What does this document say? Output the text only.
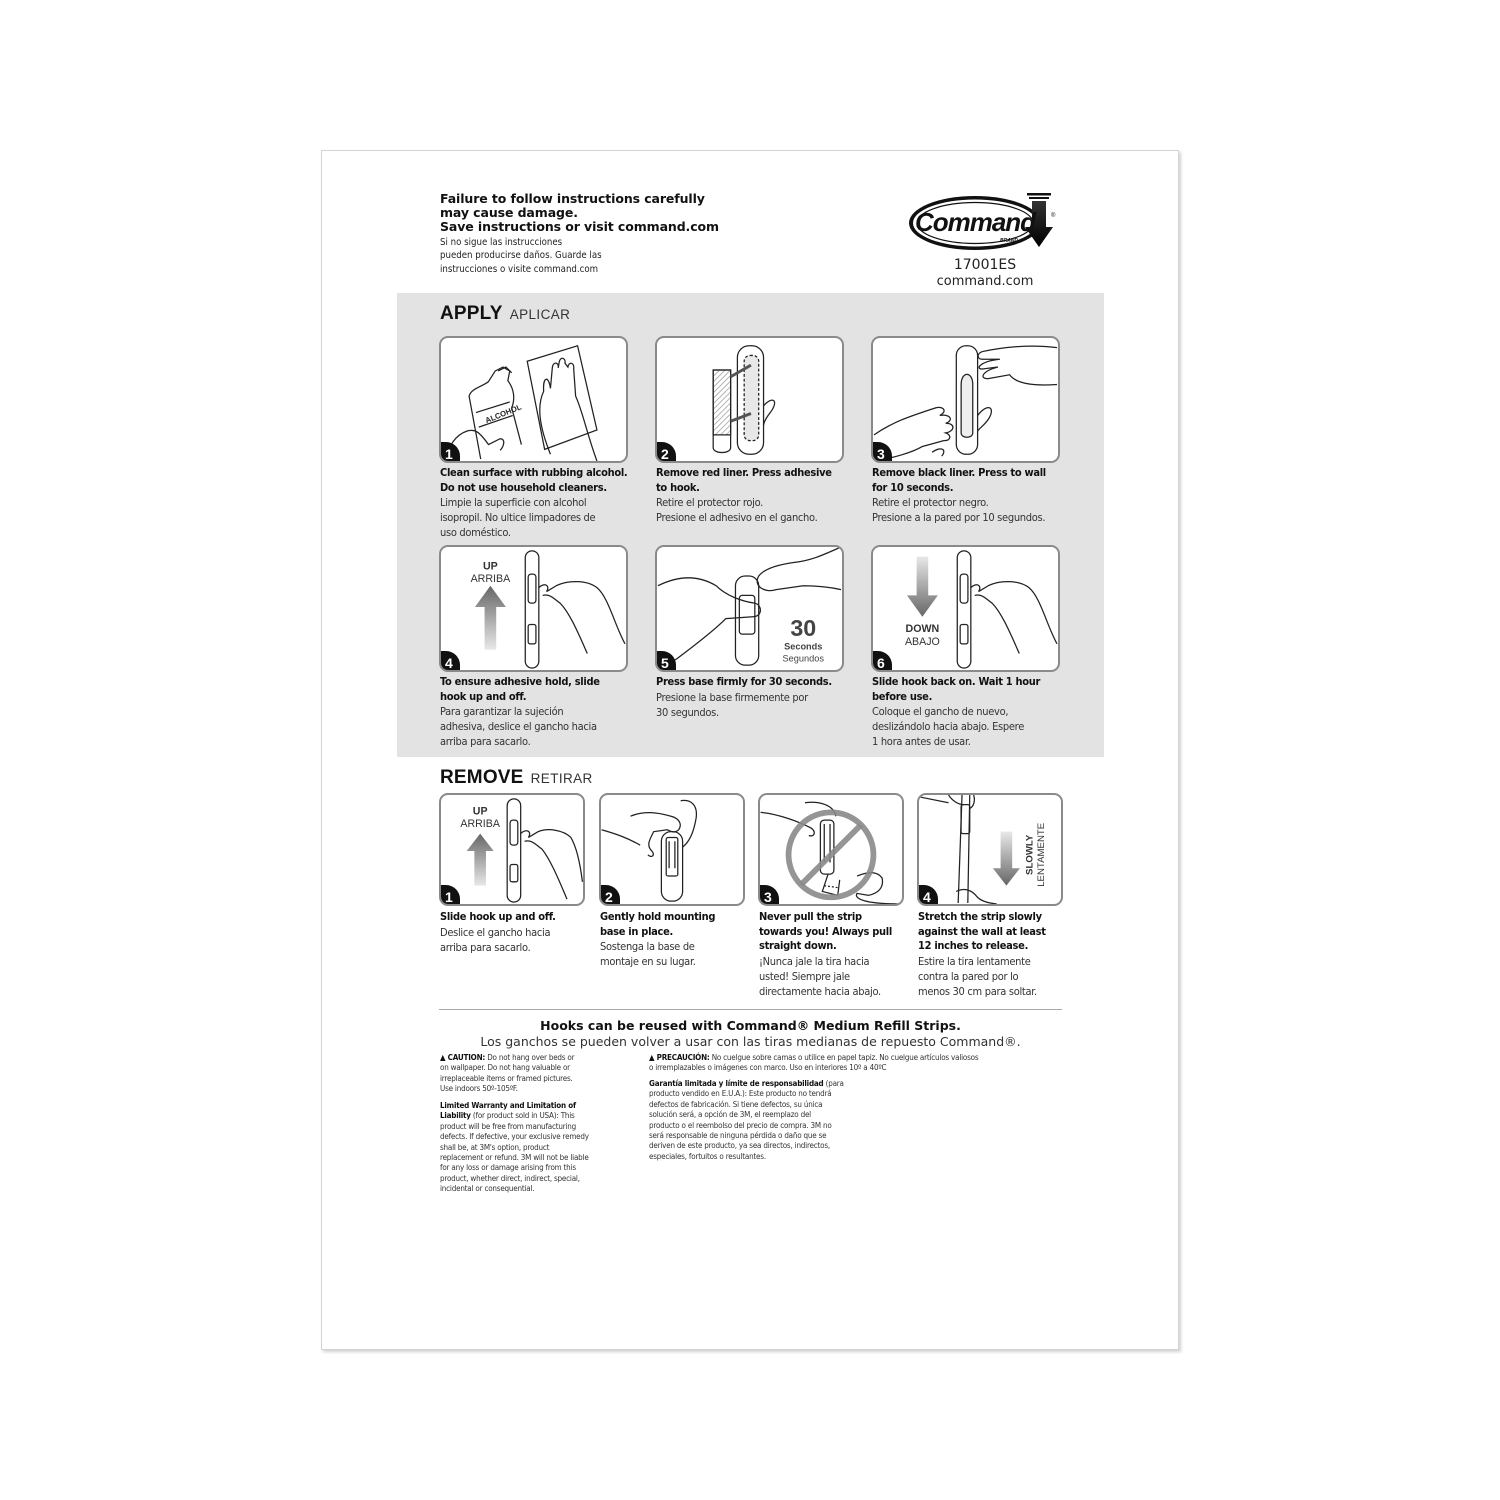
Failure to follow instructions carefully
may cause damage.
Save instructions or visit command.com
Si no sigue las instrucciones
pueden producirse daños. Guarde las
instrucciones o visite command.com
Command
BRAND
®
17001ES
command.com
APPLY APLICAR
ALCOHOL
1
Clean surface with rubbing alcohol.
Do not use household cleaners.
Limpie la superficie con alcohol
isopropil. No ultice limpadores de
uso doméstico.
2
Remove red liner. Press adhesive
to hook.
Retire el protector rojo.
Presione el adhesivo en el gancho.
3
Remove black liner. Press to wall
for 10 seconds.
Retire el protector negro.
Presione a la pared por 10 segundos.
UP
ARRIBA
4
To ensure adhesive hold, slide
hook up and off.
Para garantizar la sujeción
adhesiva, deslice el gancho hacia
arriba para sacarlo.
30
Seconds
Segundos
5
Press base firmly for 30 seconds.
Presione la base firmemente por
30 segundos.
DOWN
ABAJO
6
Slide hook back on. Wait 1 hour
before use.
Coloque el gancho de nuevo,
deslizándolo hacia abajo. Espere
1 hora antes de usar.
REMOVE RETIRAR
UP
ARRIBA
1
Slide hook up and off.
Deslice el gancho hacia
arriba para sacarlo.
2
Gently hold mounting
base in place.
Sostenga la base de
montaje en su lugar.
3
Never pull the strip
towards you! Always pull
straight down.
¡Nunca jale la tira hacia
usted! Siempre jale
directamente hacia abajo.
SLOWLY LENTAMENTE
4
Stretch the strip slowly
against the wall at least
12 inches to release.
Estire la tira lentamente
contra la pared por lo
menos 30 cm para soltar.
Hooks can be reused with Command® Medium Refill Strips.
Los ganchos se pueden volver a usar con las tiras medianas de repuesto Command®.
▲ CAUTION: Do not hang over beds or
on wallpaper. Do not hang valuable or
irreplaceable items or framed pictures.
Use indoors 50º-105ºF.
Limited Warranty and Limitation of
Liability (for product sold in USA): This
product will be free from manufacturing
defects. If defective, your exclusive remedy
shall be, at 3M's option, product
replacement or refund. 3M will not be liable
for any loss or damage arising from this
product, whether direct, indirect, special,
incidental or consequential.
▲ PRECAUCIÓN: No cuelgue sobre camas o utilice en papel tapiz. No cuelgue artículos valiosos
o irremplazables o imágenes con marco. Uso en interiores 10º a 40ºC
Garantía limitada y límite de responsabilidad (para
producto vendido en E.U.A.): Este producto no tendrá
defectos de fabricación. Si tiene defectos, su única
solución será, a opción de 3M, el reemplazo del
producto o el reembolso del precio de compra. 3M no
será responsable de ninguna pérdida o daño que se
deriven de este producto, ya sea directos, indirectos,
especiales, fortuitos o resultantes.
